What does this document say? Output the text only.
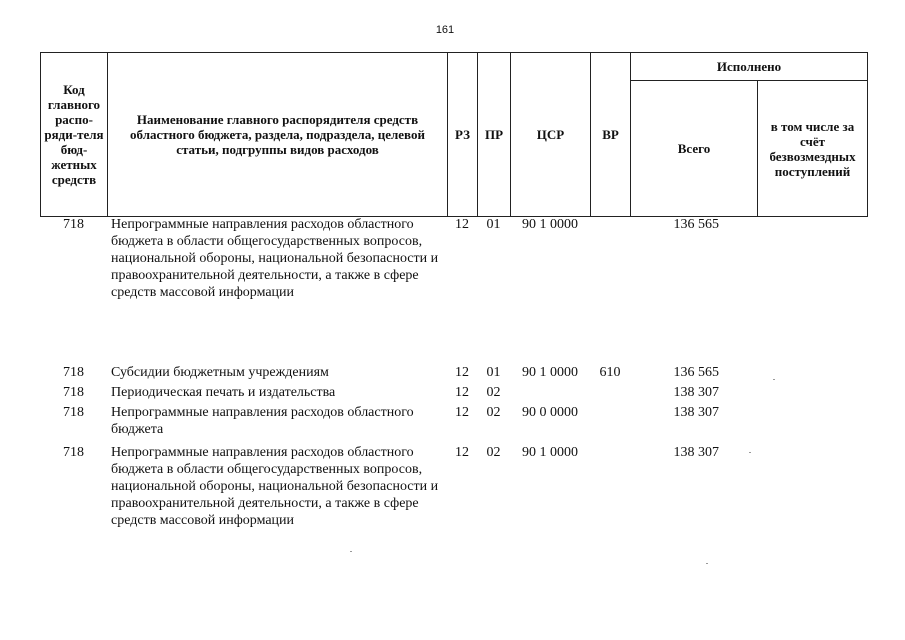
161
Код главного распо-ряди-теля бюд-жетных средств	Наименование главного распорядителя средств областного бюджета, раздела, подраздела, целевой статьи, подгруппы видов расходов	РЗ	ПР	ЦСР	ВР	Исполнено	
						Всего	в том числе за счёт безвозмездных поступлений
718	Непрограммные направления расходов областного бюджета в области общегосударственных вопросов, национальной обороны, национальной безопасности и правоохранительной деятельности, а также в сфере средств массовой информации	12	01	90 1 0000		136 565	
718	Субсидии бюджетным учреждениям	12	01	90 1 0000	610	136 565	
718	Периодическая печать и издательства	12	02			138 307	
718	Непрограммные направления расходов областного бюджета	12	02	90 0 0000		138 307	
718	Непрограммные направления расходов областного бюджета в области общегосударственных вопросов, национальной обороны, национальной безопасности и правоохранительной деятельности, а также в сфере средств массовой информации	12	02	90 1 0000		138 307	
